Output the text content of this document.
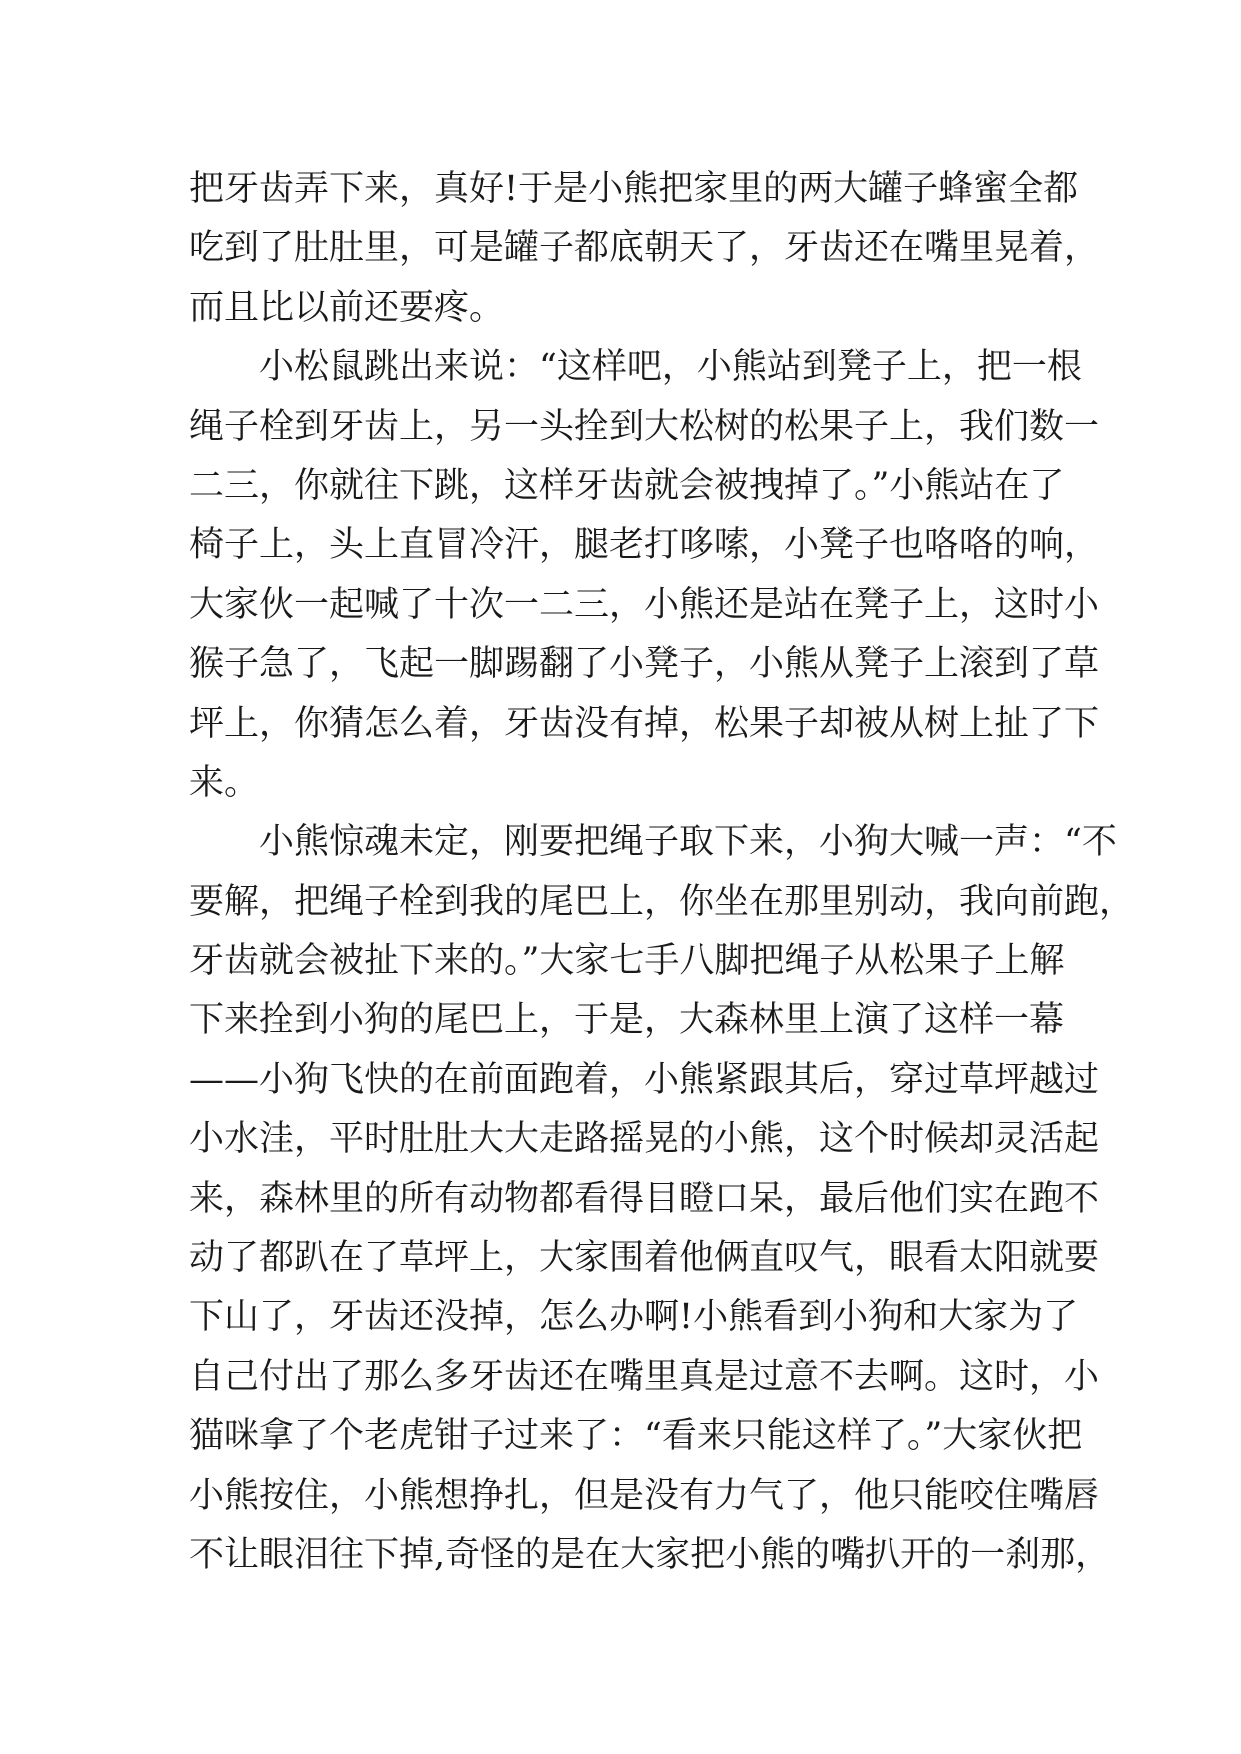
把牙齿弄下来，真好!于是小熊把家里的两大罐子蜂蜜全都
吃到了肚肚里，可是罐子都底朝天了，牙齿还在嘴里晃着，
而且比以前还要疼。
小松鼠跳出来说：“这样吧，小熊站到凳子上，把一根
绳子栓到牙齿上，另一头拴到大松树的松果子上，我们数一
二三，你就往下跳，这样牙齿就会被拽掉了。”小熊站在了
椅子上，头上直冒冷汗，腿老打哆嗦，小凳子也咯咯的响，
大家伙一起喊了十次一二三，小熊还是站在凳子上，这时小
猴子急了，飞起一脚踢翻了小凳子，小熊从凳子上滚到了草
坪上，你猜怎么着，牙齿没有掉，松果子却被从树上扯了下
来。
小熊惊魂未定，刚要把绳子取下来，小狗大喊一声：“不
要解，把绳子栓到我的尾巴上，你坐在那里别动，我向前跑，
牙齿就会被扯下来的。”大家七手八脚把绳子从松果子上解
下来拴到小狗的尾巴上，于是，大森林里上演了这样一幕
——小狗飞快的在前面跑着，小熊紧跟其后，穿过草坪越过
小水洼，平时肚肚大大走路摇晃的小熊，这个时候却灵活起
来，森林里的所有动物都看得目瞪口呆，最后他们实在跑不
动了都趴在了草坪上，大家围着他俩直叹气，眼看太阳就要
下山了，牙齿还没掉，怎么办啊!小熊看到小狗和大家为了
自己付出了那么多牙齿还在嘴里真是过意不去啊。这时，小
猫咪拿了个老虎钳子过来了：“看来只能这样了。”大家伙把
小熊按住，小熊想挣扎，但是没有力气了，他只能咬住嘴唇
不让眼泪往下掉,奇怪的是在大家把小熊的嘴扒开的一刹那，
